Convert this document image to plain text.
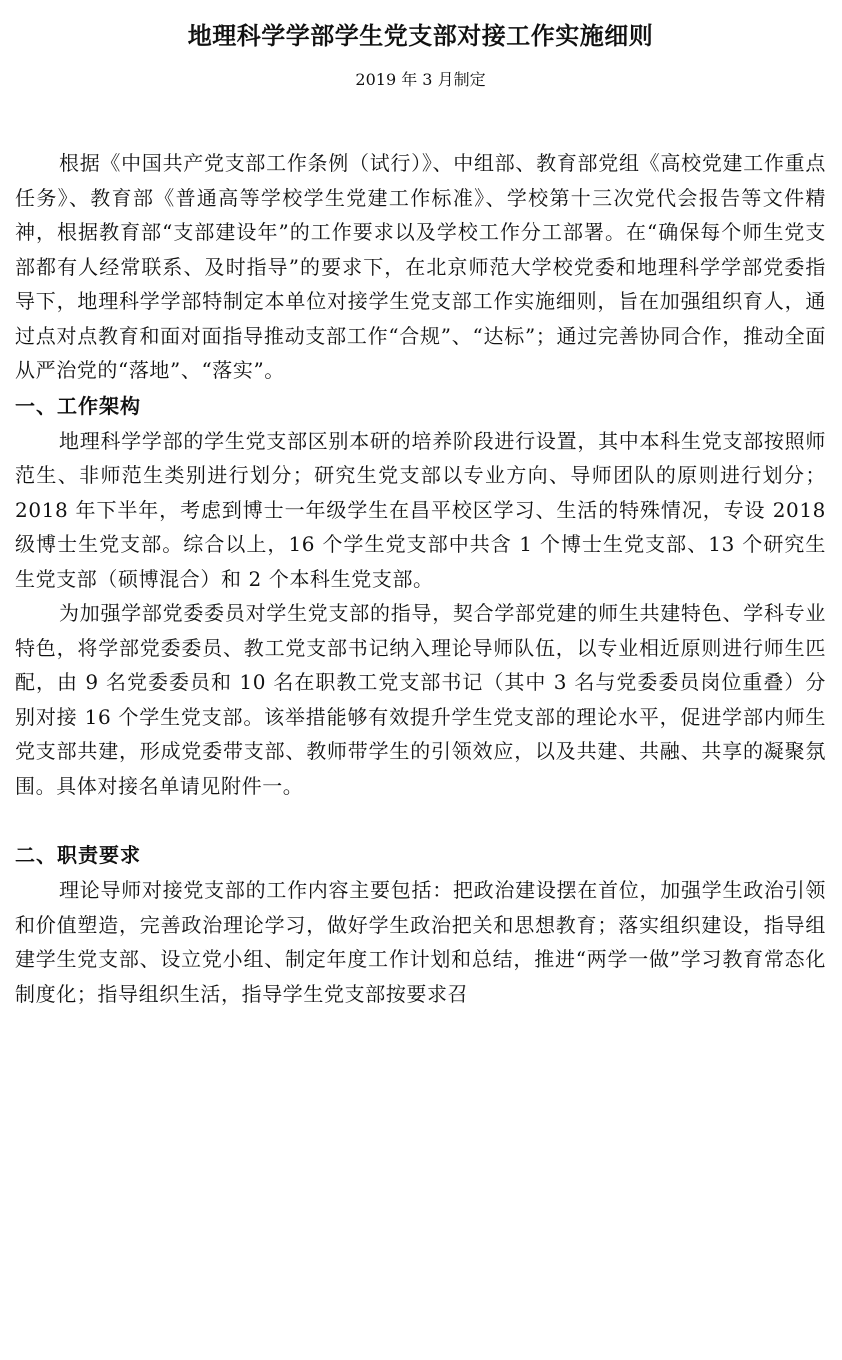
地理科学学部学生党支部对接工作实施细则
2019 年 3 月制定

根据《中国共产党支部工作条例（试行）》、中组部、教育部党组《高校党建工作重点任务》、教育部《普通高等学校学生党建工作标准》、学校第十三次党代会报告等文件精神，根据教育部“支部建设年”的工作要求以及学校工作分工部署。在“确保每个师生党支部都有人经常联系、及时指导”的要求下，在北京师范大学校党委和地理科学学部党委指导下，地理科学学部特制定本单位对接学生党支部工作实施细则，旨在加强组织育人，通过点对点教育和面对面指导推动支部工作“合规”、“达标”；通过完善协同合作，推动全面从严治党的“落地”、“落实”。

一、工作架构

地理科学学部的学生党支部区别本研的培养阶段进行设置，其中本科生党支部按照师范生、非师范生类别进行划分；研究生党支部以专业方向、导师团队的原则进行划分；2018 年下半年，考虑到博士一年级学生在昌平校区学习、生活的特殊情况，专设 2018 级博士生党支部。综合以上，16 个学生党支部中共含 1 个博士生党支部、13 个研究生生党支部（硕博混合）和 2 个本科生党支部。

为加强学部党委委员对学生党支部的指导，契合学部党建的师生共建特色、学科专业特色，将学部党委委员、教工党支部书记纳入理论导师队伍，以专业相近原则进行师生匹配，由 9 名党委委员和 10 名在职教工党支部书记（其中 3 名与党委委员岗位重叠）分别对接 16 个学生党支部。该举措能够有效提升学生党支部的理论水平，促进学部内师生党支部共建，形成党委带支部、教师带学生的引领效应，以及共建、共融、共享的凝聚氛围。具体对接名单请见附件一。

二、职责要求

理论导师对接党支部的工作内容主要包括：把政治建设摆在首位，加强学生政治引领和价值塑造，完善政治理论学习，做好学生政治把关和思想教育；落实组织建设，指导组建学生党支部、设立党小组、制定年度工作计划和总结，推进“两学一做”学习教育常态化制度化；指导组织生活，指导学生党支部按要求召
